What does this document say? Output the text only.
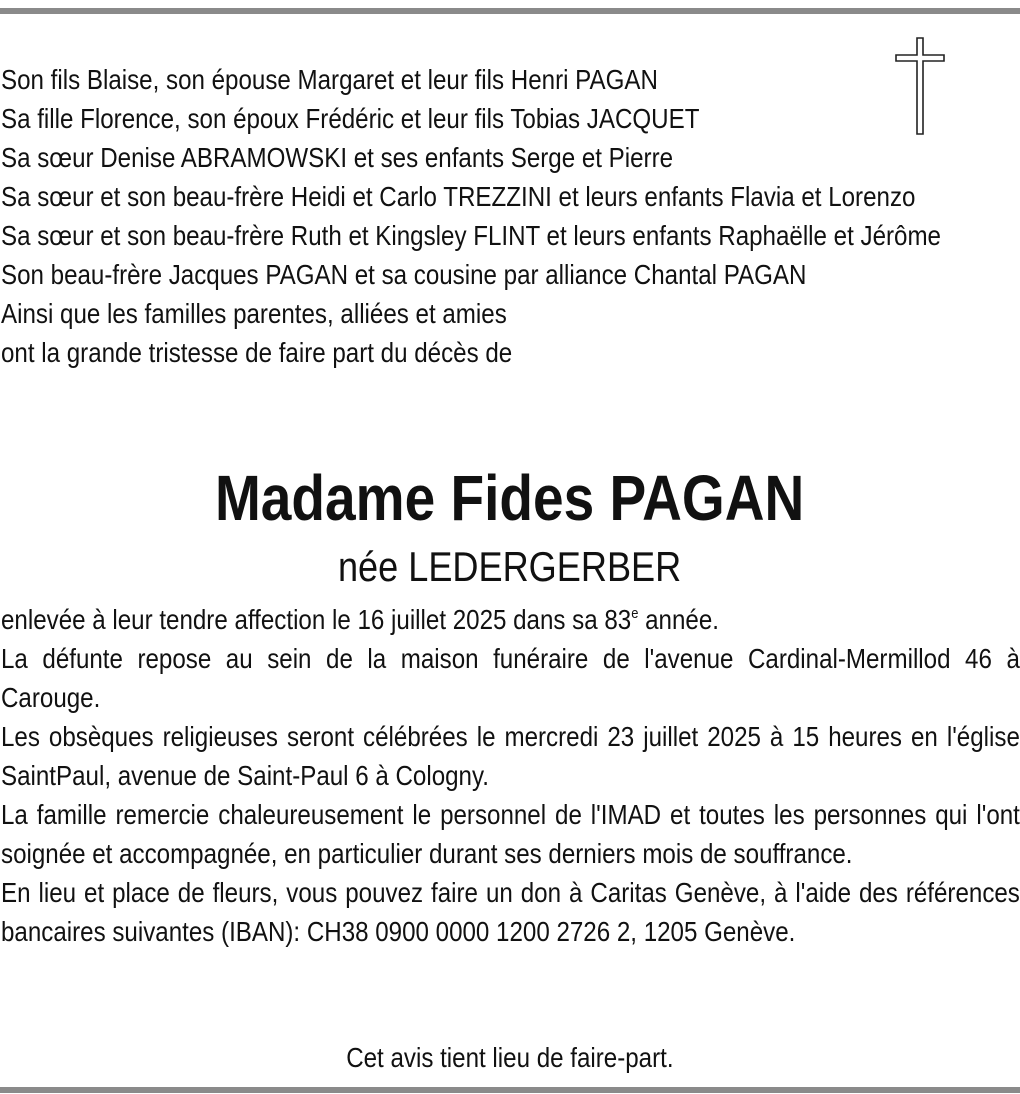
Son fils Blaise, son épouse Margaret et leur fils Henri PAGAN
Sa fille Florence, son époux Frédéric et leur fils Tobias JACQUET
Sa sœur Denise ABRAMOWSKI et ses enfants Serge et Pierre
Sa sœur et son beau-frère Heidi et Carlo TREZZINI et leurs enfants Flavia et Lorenzo
Sa sœur et son beau-frère Ruth et Kingsley FLINT et leurs enfants Raphaëlle et Jérôme
Son beau-frère Jacques PAGAN et sa cousine par alliance Chantal PAGAN
Ainsi que les familles parentes, alliées et amies
ont la grande tristesse de faire part du décès de

Madame Fides PAGAN
née LEDERGERBER

enlevée à leur tendre affection le 16 juillet 2025 dans sa 83e année.

La défunte repose au sein de la maison funéraire de l'avenue Cardinal-Mermillod 46 à Carouge.

Les obsèques religieuses seront célébrées le mercredi 23 juillet 2025 à 15 heures en l'église SaintPaul, avenue de Saint-Paul 6 à Cologny.

La famille remercie chaleureusement le personnel de l'IMAD et toutes les personnes qui l'ont soignée et accompagnée, en particulier durant ses derniers mois de souffrance.

En lieu et place de fleurs, vous pouvez faire un don à Caritas Genève, à l'aide des références bancaires suivantes (IBAN): CH38 0900 0000 1200 2726 2, 1205 Genève.

Cet avis tient lieu de faire-part.
